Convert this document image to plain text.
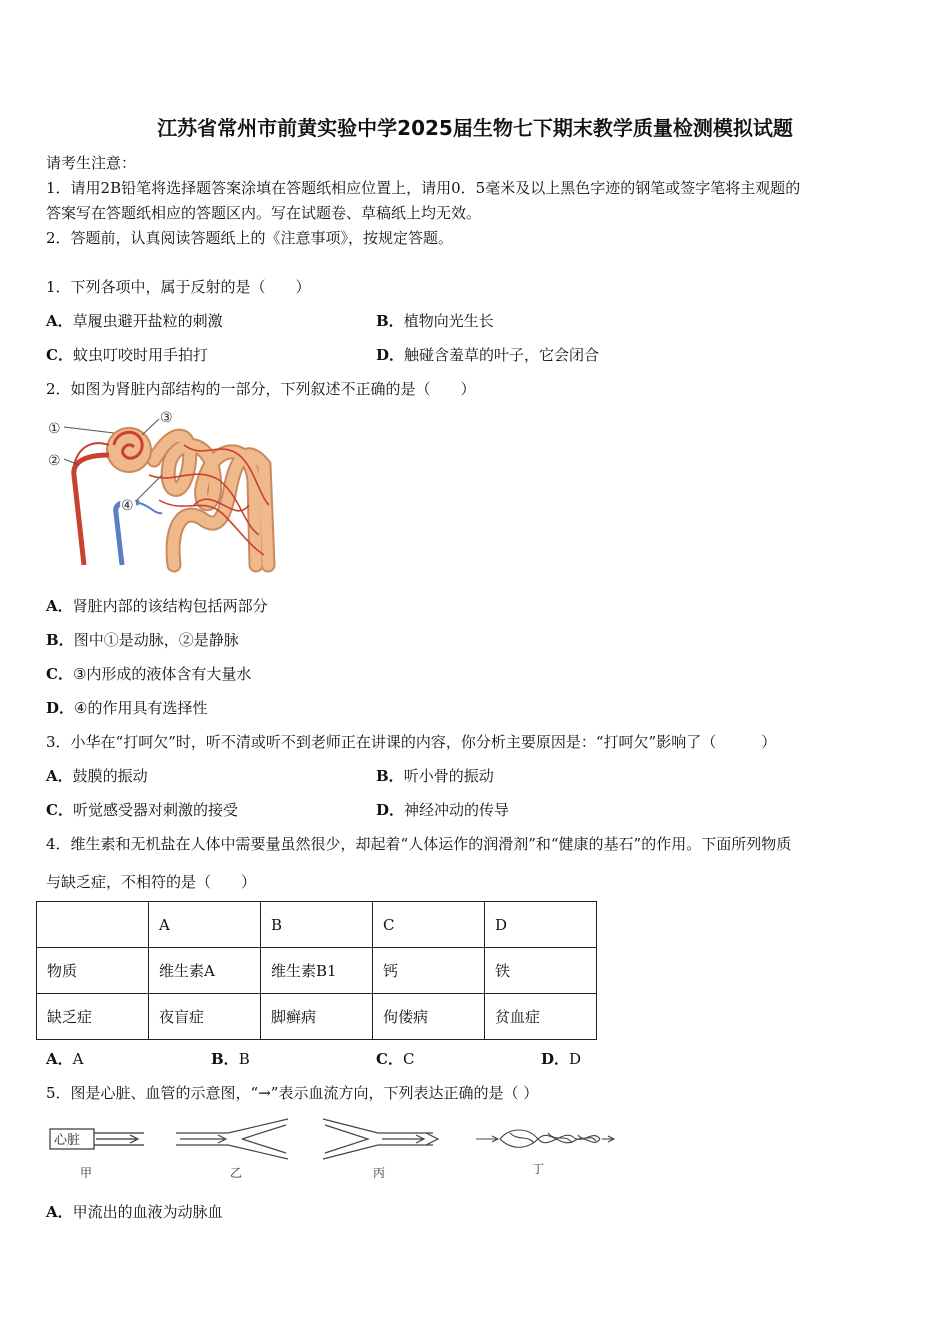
江苏省常州市前黄实验中学2025届生物七下期末教学质量检测模拟试题
请考生注意：
1．请用2B铅笔将选择题答案涂填在答题纸相应位置上，请用0．5毫米及以上黑色字迹的钢笔或签字笔将主观题的
答案写在答题纸相应的答题区内。写在试题卷、草稿纸上均无效。
2．答题前，认真阅读答题纸上的《注意事项》，按规定答题。
1．下列各项中，属于反射的是（　　）
A．草履虫避开盐粒的刺激	B．植物向光生长
C．蚊虫叮咬时用手拍打	D．触碰含羞草的叶子，它会闭合
2．如图为肾脏内部结构的一部分，下列叙述不正确的是（　　）
①
②
③
④
A．肾脏内部的该结构包括两部分
B．图中①是动脉，②是静脉
C．③内形成的液体含有大量水
D．④的作用具有选择性
3．小华在“打呵欠”时，听不清或听不到老师正在讲课的内容，你分析主要原因是：“打呵欠”影响了（　　　）
A．鼓膜的振动	B．听小骨的振动
C．听觉感受器对刺激的接受	D．神经冲动的传导
4．维生素和无机盐在人体中需要量虽然很少，却起着“人体运作的润滑剂”和“健康的基石”的作用。下面所列物质
与缺乏症，不相符的是（　　）
	A	B	C	D
物质	维生素A	维生素B1	钙	铁
缺乏症	夜盲症	脚癣病	佝偻病	贫血症
A．A	B．B	C．C	D．D
5．图是心脏、血管的示意图，“→”表示血流方向，下列表达正确的是（ ）
心脏
甲	乙	丙	丁
A．甲流出的血液为动脉血
